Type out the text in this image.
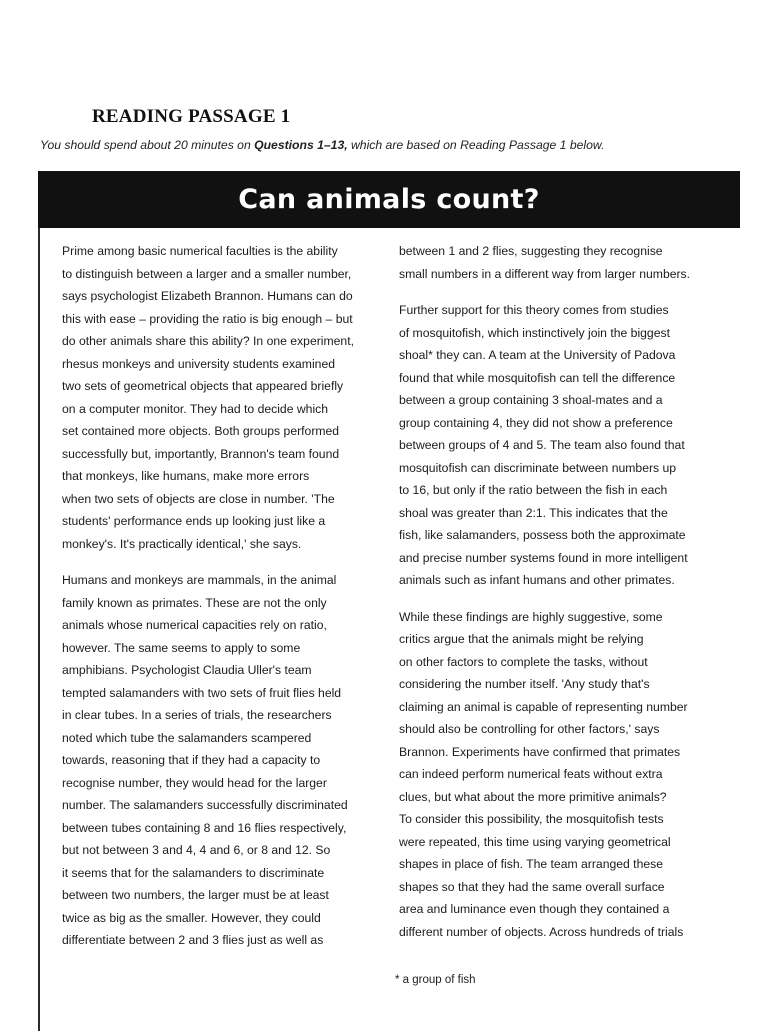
READING PASSAGE 1
You should spend about 20 minutes on Questions 1–13, which are based on Reading Passage 1 below.
Can animals count?

Prime among basic numerical faculties is the ability
to distinguish between a larger and a smaller number,
says psychologist Elizabeth Brannon. Humans can do
this with ease – providing the ratio is big enough – but
do other animals share this ability? In one experiment,
rhesus monkeys and university students examined
two sets of geometrical objects that appeared briefly
on a computer monitor. They had to decide which
set contained more objects. Both groups performed
successfully but, importantly, Brannon's team found
that monkeys, like humans, make more errors
when two sets of objects are close in number. 'The
students' performance ends up looking just like a
monkey's. It's practically identical,' she says.

Humans and monkeys are mammals, in the animal
family known as primates. These are not the only
animals whose numerical capacities rely on ratio,
however. The same seems to apply to some
amphibians. Psychologist Claudia Uller's team
tempted salamanders with two sets of fruit flies held
in clear tubes. In a series of trials, the researchers
noted which tube the salamanders scampered
towards, reasoning that if they had a capacity to
recognise number, they would head for the larger
number. The salamanders successfully discriminated
between tubes containing 8 and 16 flies respectively,
but not between 3 and 4, 4 and 6, or 8 and 12. So
it seems that for the salamanders to discriminate
between two numbers, the larger must be at least
twice as big as the smaller. However, they could
differentiate between 2 and 3 flies just as well as

between 1 and 2 flies, suggesting they recognise
small numbers in a different way from larger numbers.

Further support for this theory comes from studies
of mosquitofish, which instinctively join the biggest
shoal* they can. A team at the University of Padova
found that while mosquitofish can tell the difference
between a group containing 3 shoal-mates and a
group containing 4, they did not show a preference
between groups of 4 and 5. The team also found that
mosquitofish can discriminate between numbers up
to 16, but only if the ratio between the fish in each
shoal was greater than 2:1. This indicates that the
fish, like salamanders, possess both the approximate
and precise number systems found in more intelligent
animals such as infant humans and other primates.

While these findings are highly suggestive, some
critics argue that the animals might be relying
on other factors to complete the tasks, without
considering the number itself. 'Any study that's
claiming an animal is capable of representing number
should also be controlling for other factors,' says
Brannon. Experiments have confirmed that primates
can indeed perform numerical feats without extra
clues, but what about the more primitive animals?
To consider this possibility, the mosquitofish tests
were repeated, this time using varying geometrical
shapes in place of fish. The team arranged these
shapes so that they had the same overall surface
area and luminance even though they contained a
different number of objects. Across hundreds of trials

* a group of fish
